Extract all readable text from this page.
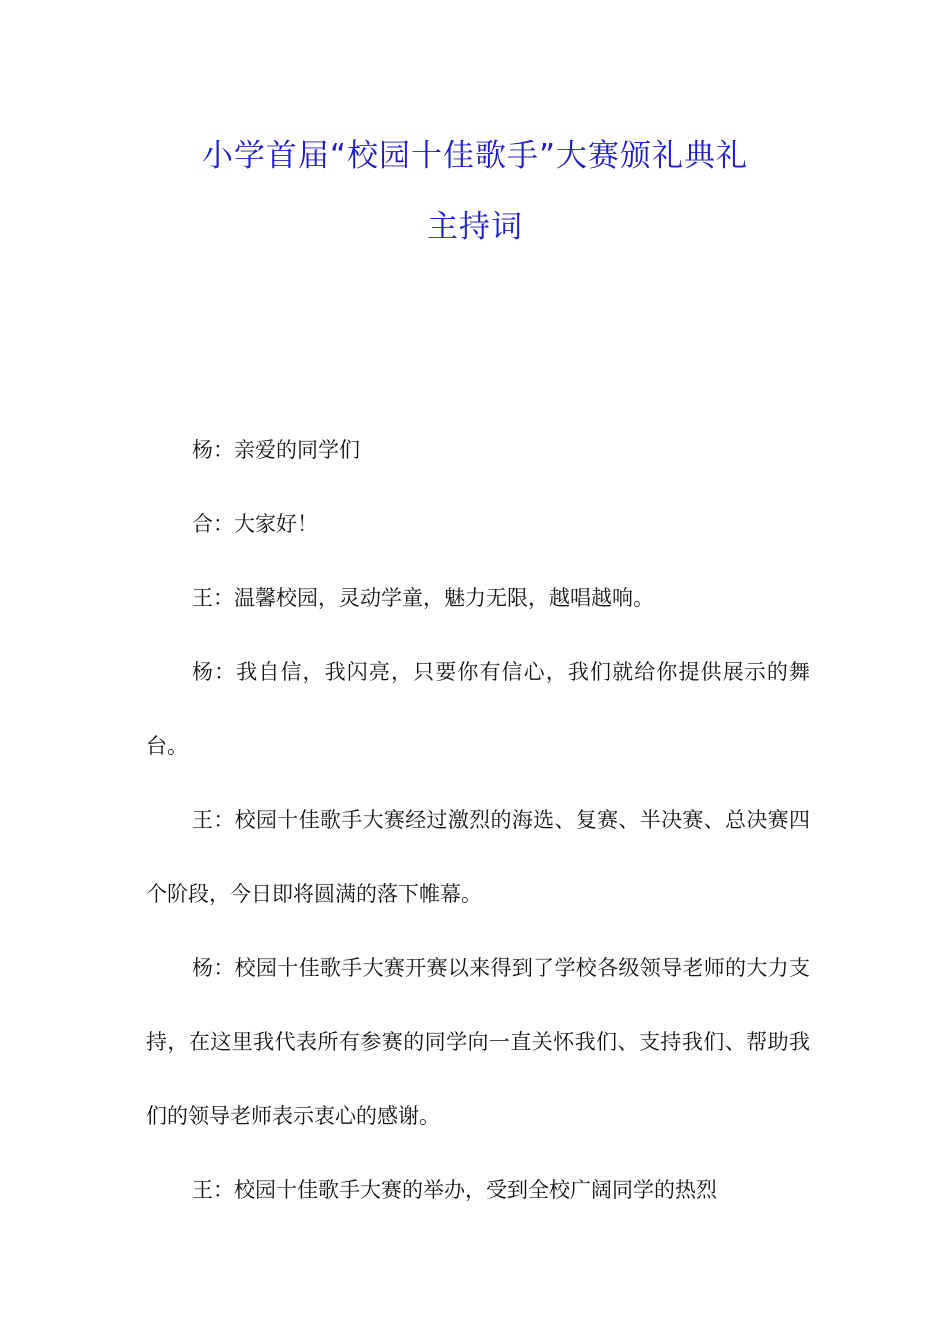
小学首届“校园十佳歌手”大赛颁礼典礼
主持词

杨：亲爱的同学们

合：大家好！

王：温馨校园，灵动学童，魅力无限，越唱越响。

杨：我自信，我闪亮，只要你有信心，我们就给你提供展示的舞台。

王：校园十佳歌手大赛经过激烈的海选、复赛、半决赛、总决赛四个阶段，今日即将圆满的落下帷幕。

杨：校园十佳歌手大赛开赛以来得到了学校各级领导老师的大力支持，在这里我代表所有参赛的同学向一直关怀我们、支持我们、帮助我们的领导老师表示衷心的感谢。

王：校园十佳歌手大赛的举办，受到全校广阔同学的热烈
